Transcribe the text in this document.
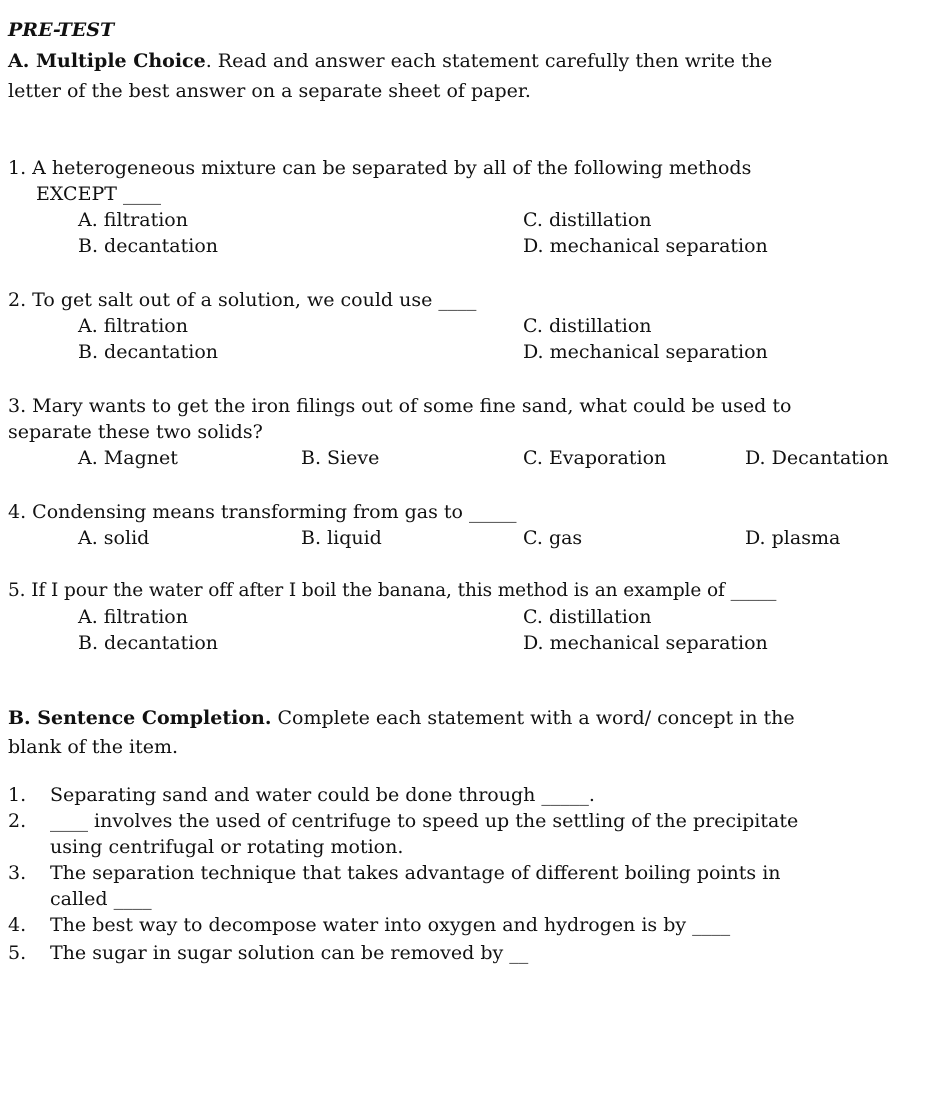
PRE-TEST
A. Multiple Choice. Read and answer each statement carefully then write the
letter of the best answer on a separate sheet of paper.
1. A heterogeneous mixture can be separated by all of the following methods
EXCEPT ____
A. filtration
B. decantation
C. distillation
D. mechanical separation
2. To get salt out of a solution, we could use ____
A. filtration
B. decantation
C. distillation
D. mechanical separation
3. Mary wants to get the iron filings out of some fine sand, what could be used to
separate these two solids?
A. Magnet	B. Sieve	C. Evaporation	D. Decantation
4. Condensing means transforming from gas to _____
A. solid	B. liquid	C. gas	D. plasma
5. If I pour the water off after I boil the banana, this method is an example of _____
A. filtration
B. decantation
C. distillation
D. mechanical separation
B. Sentence Completion. Complete each statement with a word/ concept in the
blank of the item.
1. Separating sand and water could be done through _____.
2. ____ involves the used of centrifuge to speed up the settling of the precipitate
using centrifugal or rotating motion.
3. The separation technique that takes advantage of different boiling points in
called ____
4. The best way to decompose water into oxygen and hydrogen is by ____
5. The sugar in sugar solution can be removed by __
